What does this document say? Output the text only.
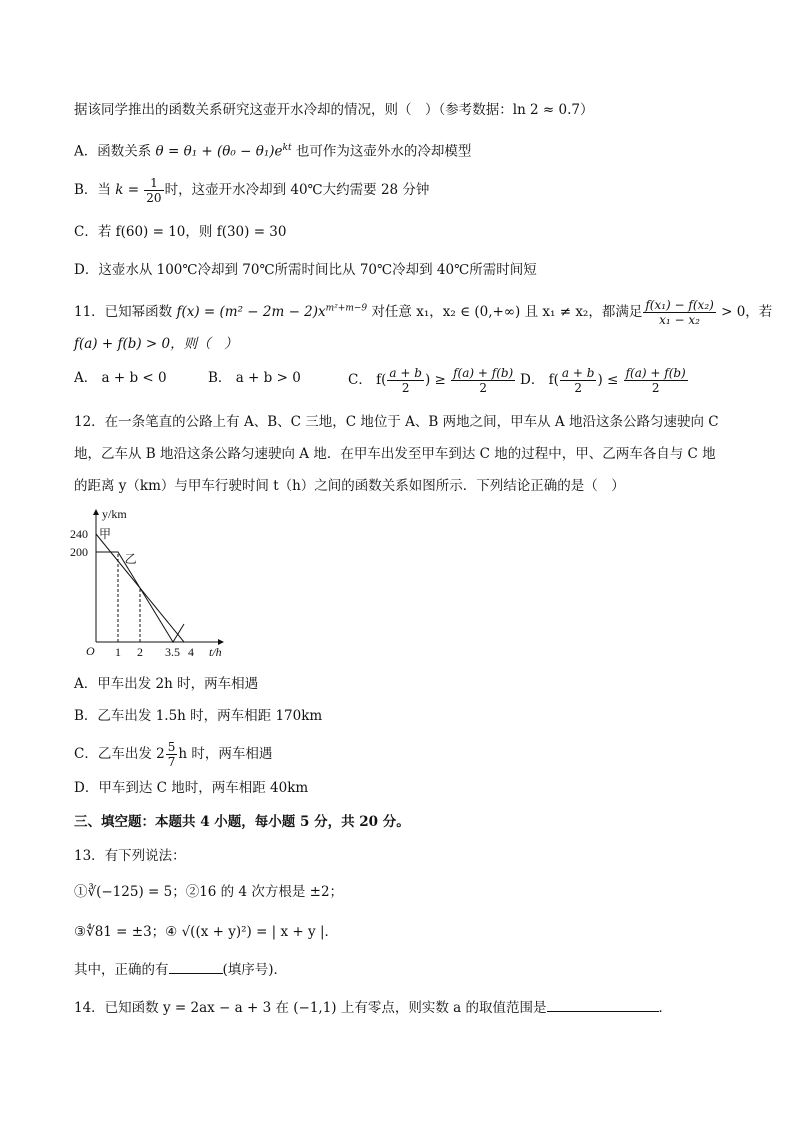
据该同学推出的函数关系研究这壶开水冷却的情况，则（　）（参考数据：ln 2 ≈ 0.7）
A．函数关系 $\theta = \theta_1 + (\theta_0 - \theta_1)e^{kt}$ 也可作为这壶外水的冷却模型
B．当 $k = \frac{1}{20}$ 时，这壶开水冷却到 40℃大约需要 28 分钟
C．若 f(60) = 10，则 f(30) = 30
D．这壶水从 100℃冷却到 70℃所需时间比从 70℃冷却到 40℃所需时间短
11．已知幂函数 $f(x) = (m^2 - 2m - 2)x^{m^2+m-9}$ 对任意 x₁，x₂ ∈ (0,+∞) 且 x₁ ≠ x₂，都满足 $\frac{\text{f(x₁) − f(x₂)}}{\text{x₁ − x₂}} > 0$，若
f(a) + f(b) > 0，则（　）
A． a + b < 0	B． a + b > 0	C． $f( \frac{a + b}{2}$ ) ≥ $\frac{f(a) + f(b)}{2}$ D． $f( \frac{a + b}{2}$ ) ≤ $\frac{f(a) + f(b)}{2}$
12．在一条笔直的公路上有 A、B、C 三地，C 地位于 A、B 两地之间，甲车从 A 地沿这条公路匀速驶向 C
地，乙车从 B 地沿这条公路匀速驶向 A 地．在甲车出发至甲车到达 C 地的过程中，甲、乙两车各自与 C 地
的距离 y（km）与甲车行驶时间 t（h）之间的函数关系如图所示．下列结论正确的是（　）
y/km
t/h
O
240
200
1 2 3.5 4
甲
乙
A．甲车出发 2h 时，两车相遇
B．乙车出发 1.5h 时，两车相距 170km
C．乙车出发 $2 \frac{5}{7}$ h 时，两车相遇
D．甲车到达 C 地时，两车相距 40km
三、填空题：本题共 4 小题，每小题 5 分，共 20 分。
13．有下列说法：
①∛(−125) = 5；②16 的 4 次方根是 ±2；
③∜81 = ±3；④ √((x + y)²) = | x + y |．
其中，正确的有	(填序号)．
14．已知函数 y = 2ax − a + 3 在 (−1,1) 上有零点，则实数 a 的取值范围是	．
